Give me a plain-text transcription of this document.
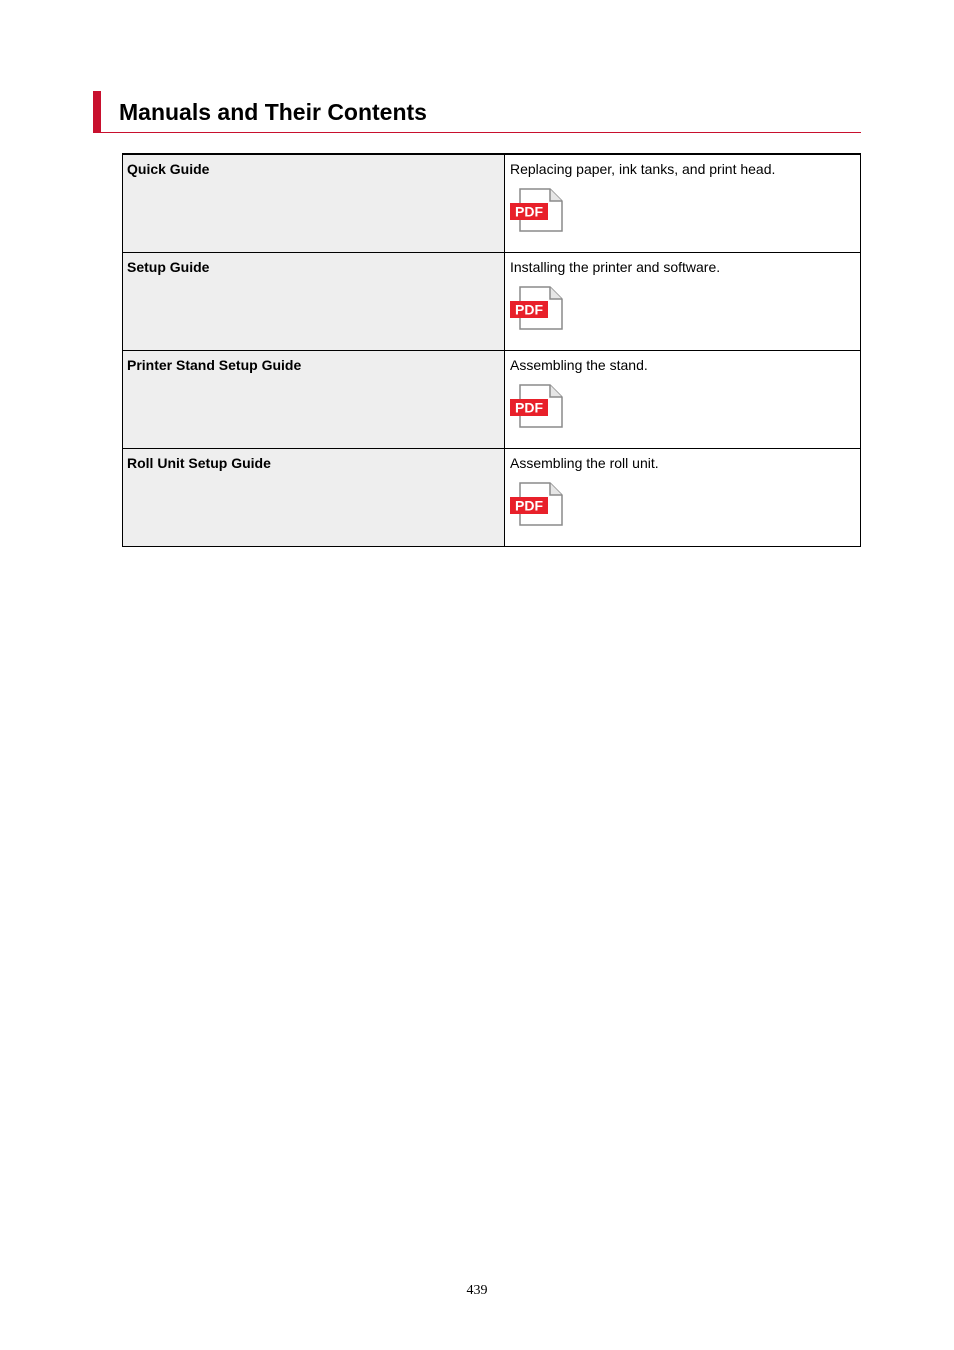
Manuals and Their Contents
Quick Guide	Replacing paper, ink tanks, and print head.
PDF

Setup Guide	Installing the printer and software.
PDF

Printer Stand Setup Guide	Assembling the stand.
PDF

Roll Unit Setup Guide	Assembling the roll unit.
PDF
439
